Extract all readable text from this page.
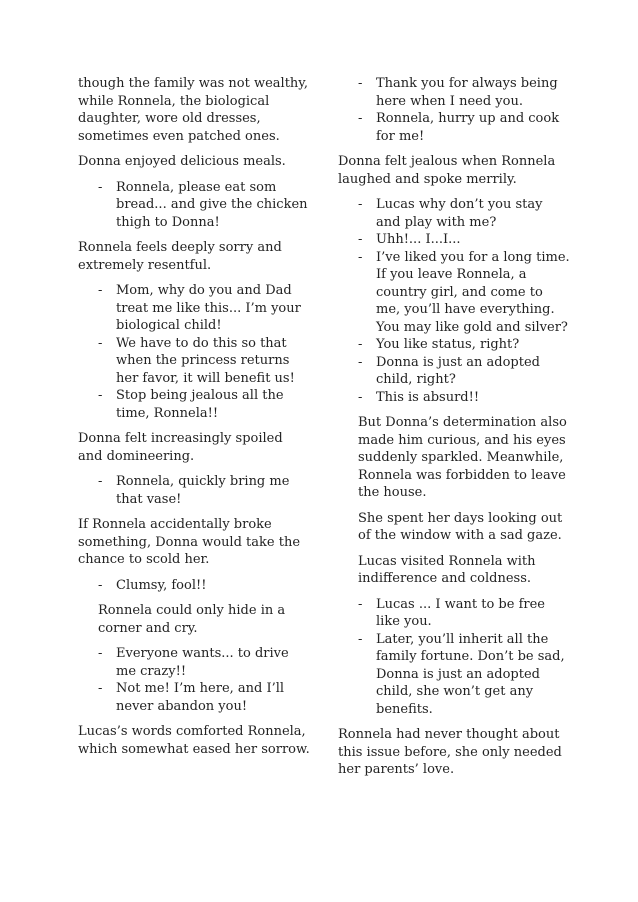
though the family was not wealthy, while Ronnela, the biological daughter, wore old dresses, sometimes even patched ones.

Donna enjoyed delicious meals.

- Ronnela, please eat som bread... and give the chicken thigh to Donna!

Ronnela feels deeply sorry and extremely resentful.

- Mom, why do you and Dad treat me like this... I’m your biological child!
- We have to do this so that when the princess returns her favor, it will benefit us!
- Stop being jealous all the time, Ronnela!!

Donna felt increasingly spoiled and domineering.

- Ronnela, quickly bring me that vase!

If Ronnela accidentally broke something, Donna would take the chance to scold her.

- Clumsy, fool!!

Ronnela could only hide in a corner and cry.

- Everyone wants... to drive me crazy!!
- Not me! I’m here, and I’ll never abandon you!

Lucas’s words comforted Ronnela, which somewhat eased her sorrow.

- Thank you for always being here when I need you.
- Ronnela, hurry up and cook for me!

Donna felt jealous when Ronnela laughed and spoke merrily.

- Lucas why don’t you stay and play with me?
- Uhh!... I...I...
- I’ve liked you for a long time. If you leave Ronnela, a country girl, and come to me, you’ll have everything. You may like gold and silver?
- You like status, right?
- Donna is just an adopted child, right?
- This is absurd!!

But Donna’s determination also made him curious, and his eyes suddenly sparkled. Meanwhile, Ronnela was forbidden to leave the house.

She spent her days looking out of the window with a sad gaze.

Lucas visited Ronnela with indifference and coldness.

- Lucas ... I want to be free like you.
- Later, you’ll inherit all the family fortune. Don’t be sad, Donna is just an adopted child, she won’t get any benefits.

Ronnela had never thought about this issue before, she only needed her parents’ love.
